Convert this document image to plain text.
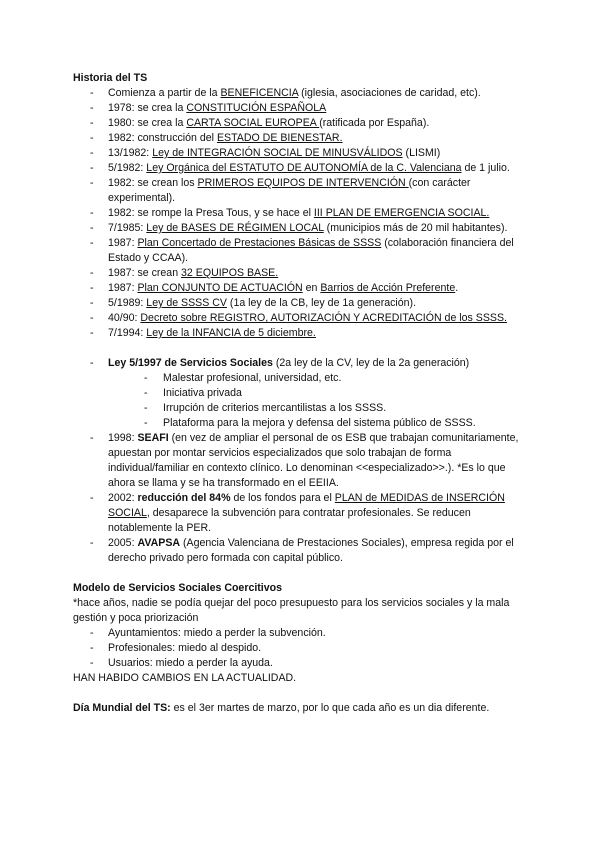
Historia del TS

- Comienza a partir de la BENEFICENCIA (iglesia, asociaciones de caridad, etc).
- 1978: se crea la CONSTITUCIÓN ESPAÑOLA
- 1980: se crea la CARTA SOCIAL EUROPEA (ratificada por España).
- 1982: construcción del ESTADO DE BIENESTAR.
- 13/1982: Ley de INTEGRACIÓN SOCIAL DE MINUSVÁLIDOS (LISMI)
- 5/1982: Ley Orgánica del ESTATUTO DE AUTONOMÍA de la C. Valenciana de 1 julio.
- 1982: se crean los PRIMEROS EQUIPOS DE INTERVENCIÓN (con carácter experimental).
- 1982: se rompe la Presa Tous, y se hace el III PLAN DE EMERGENCIA SOCIAL.
- 7/1985: Ley de BASES DE RÉGIMEN LOCAL (municipios más de 20 mil habitantes).
- 1987: Plan Concertado de Prestaciones Básicas de SSSS (colaboración financiera del Estado y CCAA).
- 1987: se crean 32 EQUIPOS BASE.
- 1987: Plan CONJUNTO DE ACTUACIÓN en Barrios de Acción Preferente.
- 5/1989: Ley de SSSS CV (1a ley de la CB, ley de 1a generación).
- 40/90: Decreto sobre REGISTRO, AUTORIZACIÓN Y ACREDITACIÓN de los SSSS.
- 7/1994: Ley de la INFANCIA de 5 diciembre.
- Ley 5/1997 de Servicios Sociales (2a ley de la CV, ley de la 2a generación)
- Malestar profesional, universidad, etc.
- Iniciativa privada
- Irrupción de criterios mercantilistas a los SSSS.
- Plataforma para la mejora y defensa del sistema público de SSSS.
- 1998: SEAFI (en vez de ampliar el personal de os ESB que trabajan comunitariamente, apuestan por montar servicios especializados que solo trabajan de forma individual/familiar en contexto clínico. Lo denominan <<especializado>>.). *Es lo que ahora se llama y se ha transformado en el EEIIA.
- 2002: reducción del 84% de los fondos para el PLAN de MEDIDAS de INSERCIÓN SOCIAL, desaparece la subvención para contratar profesionales. Se reducen notablemente la PER.
- 2005: AVAPSA (Agencia Valenciana de Prestaciones Sociales), empresa regida por el derecho privado pero formada con capital público.

Modelo de Servicios Sociales Coercitivos

*hace años, nadie se podía quejar del poco presupuesto para los servicios sociales y la mala gestión y poca priorización

- Ayuntamientos: miedo a perder la subvención.
- Profesionales: miedo al despido.
- Usuarios: miedo a perder la ayuda.

HAN HABIDO CAMBIOS EN LA ACTUALIDAD.

Día Mundial del TS: es el 3er martes de marzo, por lo que cada año es un dia diferente.
